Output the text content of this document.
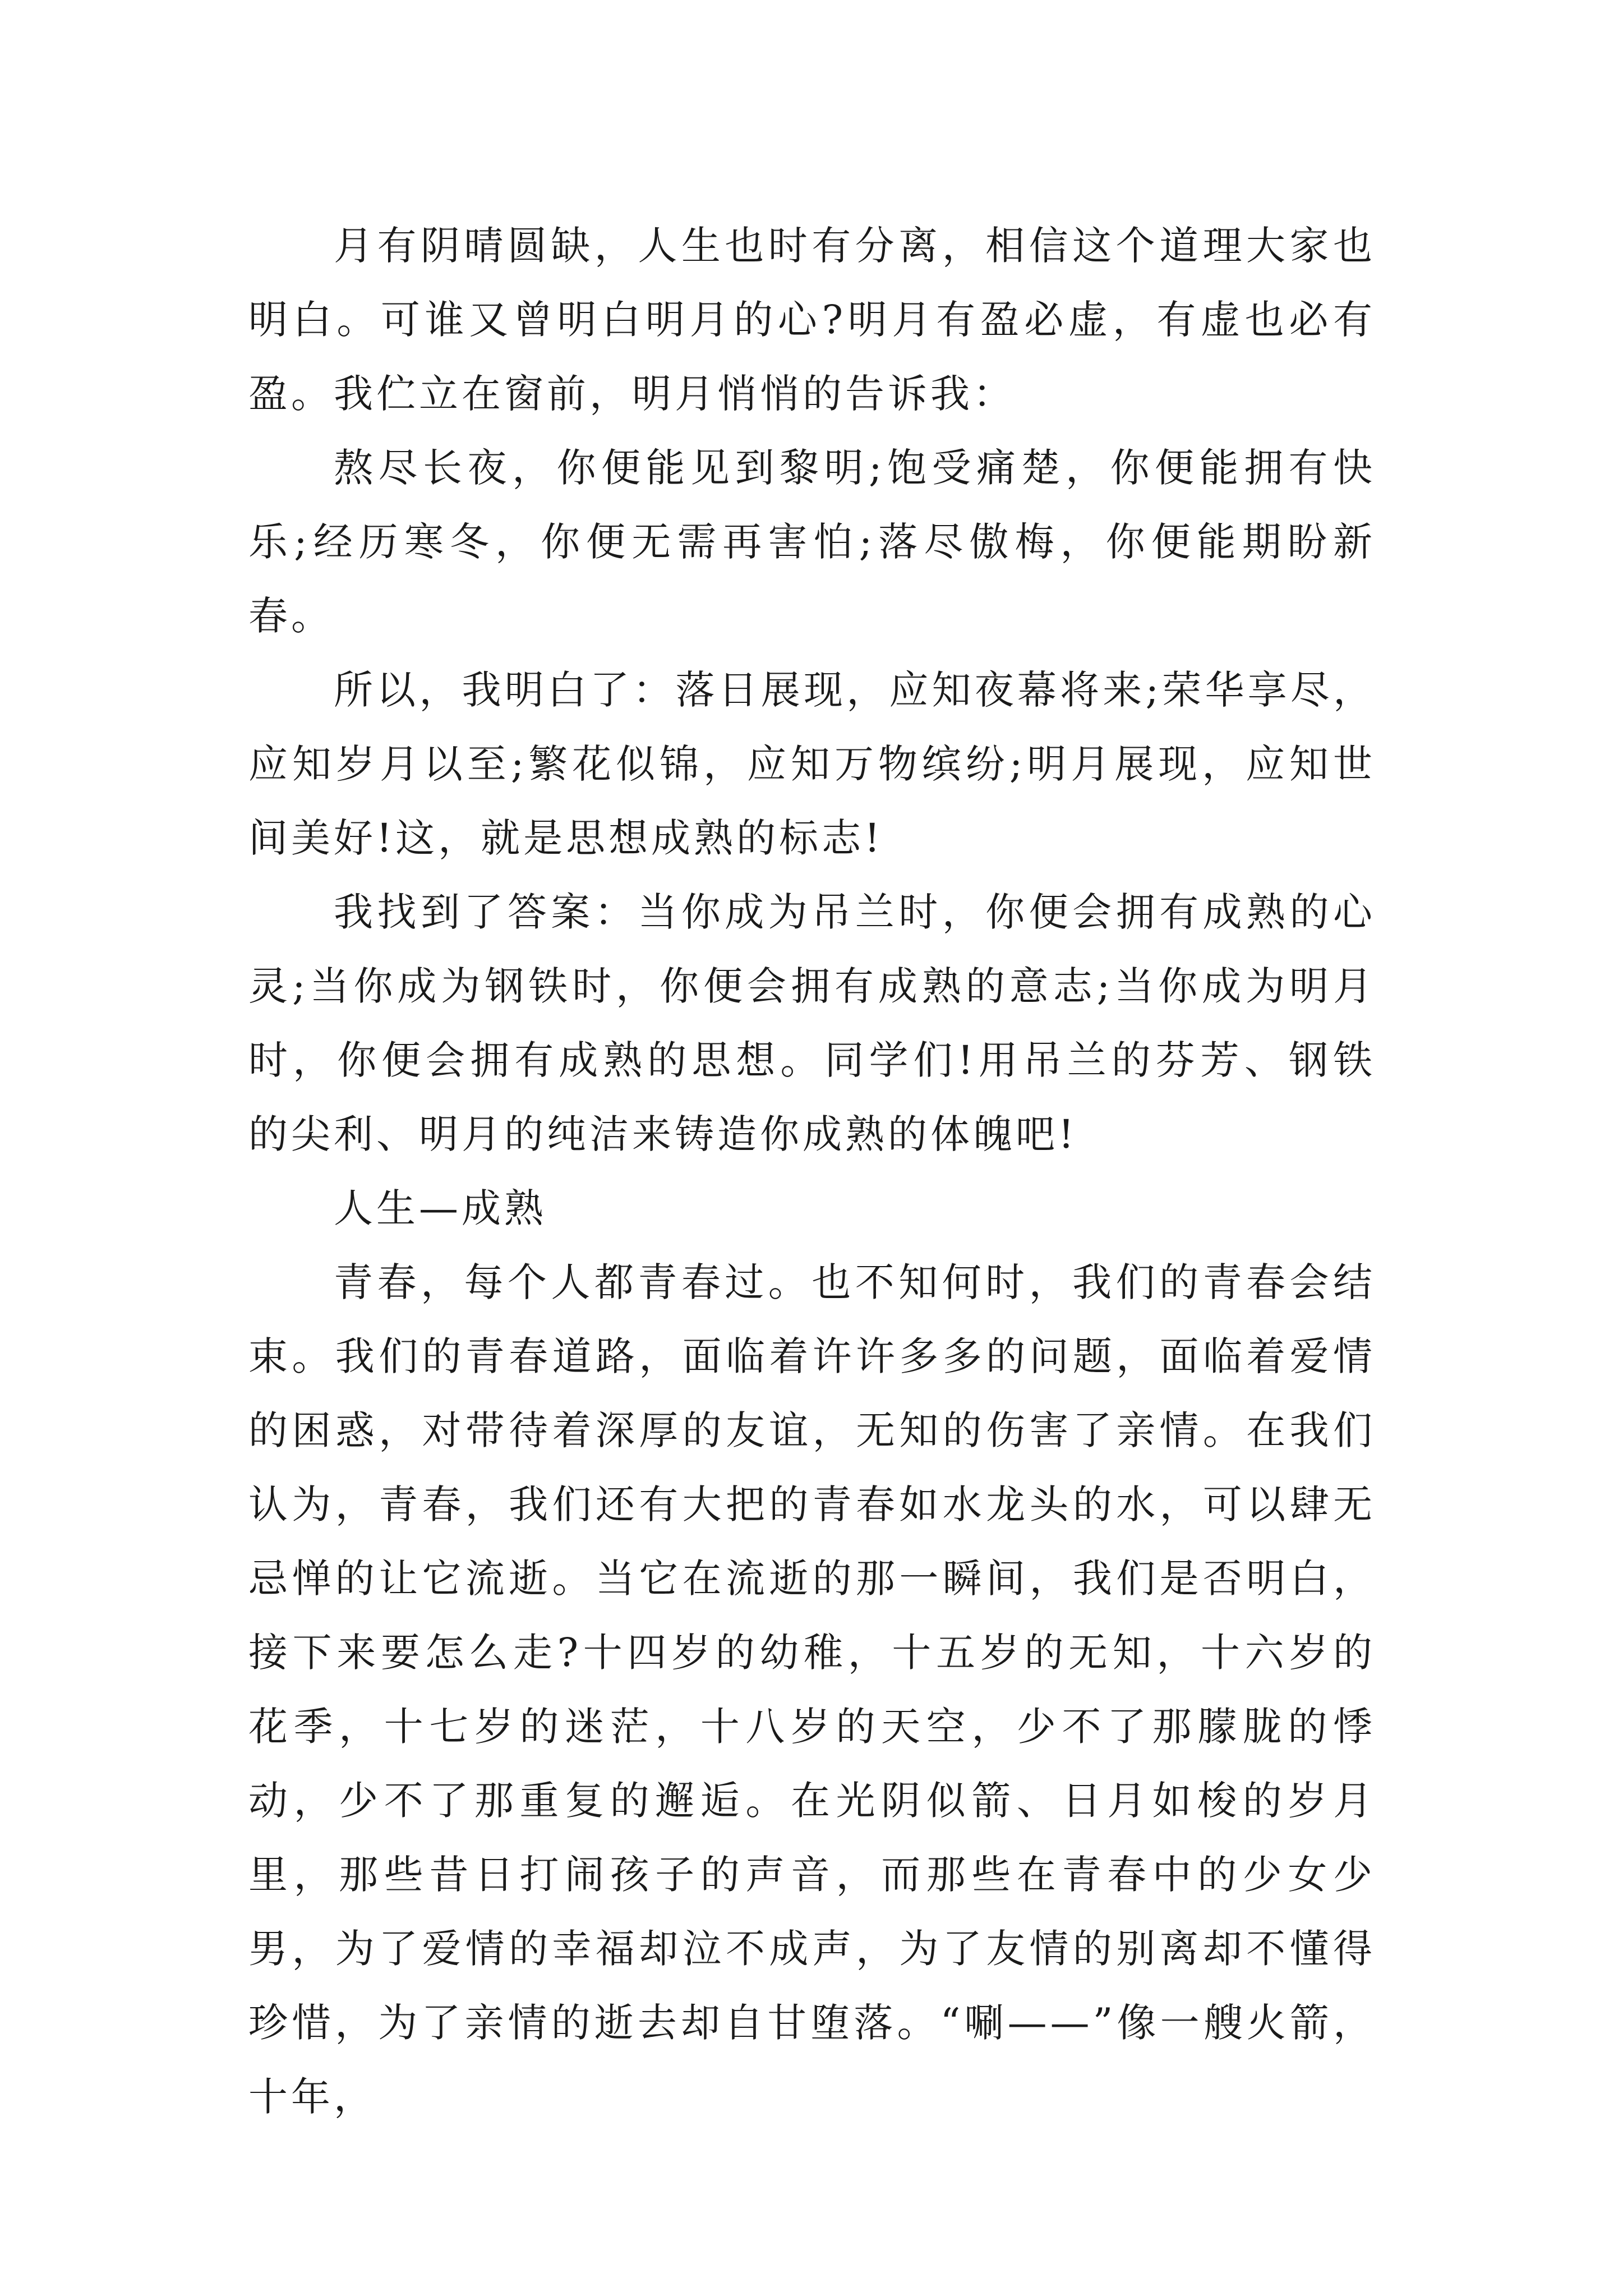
月有阴晴圆缺，人生也时有分离，相信这个道理大家也明白。可谁又曾明白明月的心?明月有盈必虚，有虚也必有盈。我伫立在窗前，明月悄悄的告诉我：

熬尽长夜，你便能见到黎明;饱受痛楚，你便能拥有快乐;经历寒冬，你便无需再害怕;落尽傲梅，你便能期盼新春。

所以，我明白了：落日展现，应知夜幕将来;荣华享尽，应知岁月以至;繁花似锦，应知万物缤纷;明月展现，应知世间美好!这，就是思想成熟的标志!

我找到了答案：当你成为吊兰时，你便会拥有成熟的心灵;当你成为钢铁时，你便会拥有成熟的意志;当你成为明月时，你便会拥有成熟的思想。同学们!用吊兰的芬芳、钢铁的尖利、明月的纯洁来铸造你成熟的体魄吧!

人生—成熟

青春，每个人都青春过。也不知何时，我们的青春会结束。我们的青春道路，面临着许许多多的问题，面临着爱情的困惑，对带待着深厚的友谊，无知的伤害了亲情。在我们认为，青春，我们还有大把的青春如水龙头的水，可以肆无忌惮的让它流逝。当它在流逝的那一瞬间，我们是否明白，接下来要怎么走?十四岁的幼稚，十五岁的无知，十六岁的花季，十七岁的迷茫，十八岁的天空，少不了那朦胧的悸动，少不了那重复的邂逅。在光阴似箭、日月如梭的岁月里，那些昔日打闹孩子的声音，而那些在青春中的少女少男，为了爱情的幸福却泣不成声，为了友情的别离却不懂得珍惜，为了亲情的逝去却自甘堕落。“唰——”像一艘火箭，十年，
